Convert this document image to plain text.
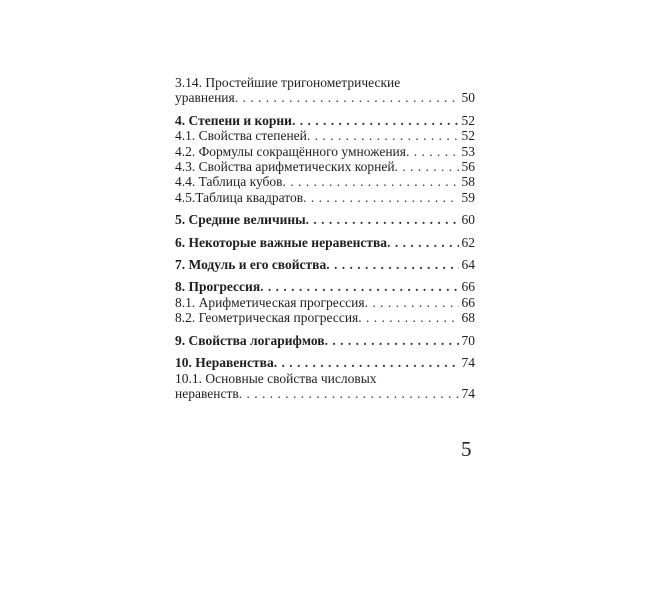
3.14. Простейшие тригонометрические
уравнения . . .	50
4. Степени и корни . . .	52
4.1. Свойства степеней . . .	52
4.2. Формулы сокращённого умножения . . .	53
4.3. Свойства арифметических корней . . .	56
4.4. Таблица кубов . . .	58
4.5.Таблица квадратов . . .	59
5. Средние величины . . .	60
6. Некоторые важные неравенства . . .	62
7. Модуль и его свойства . . .	64
8. Прогрессия . . .	66
8.1. Арифметическая прогрессия . . .	66
8.2. Геометрическая прогрессия . . .	68
9. Свойства логарифмов . . .	70
10. Неравенства . . .	74
10.1. Основные свойства числовых
неравенств . . .	74
5
